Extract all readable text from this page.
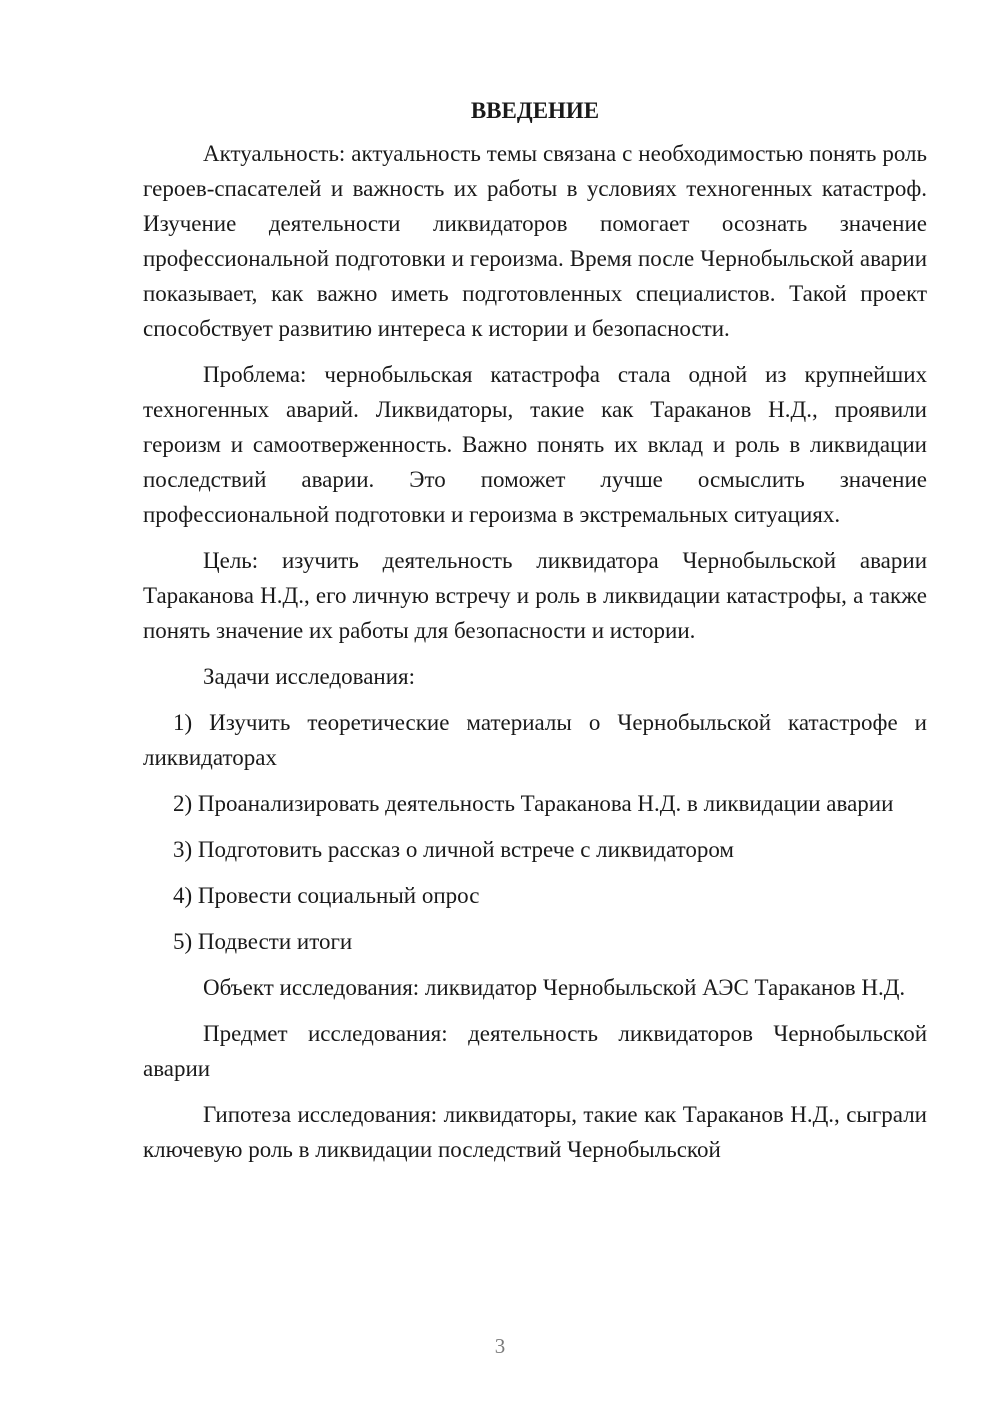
ВВЕДЕНИЕ

Актуальность: актуальность темы связана с необходимостью понять роль героев-спасателей и важность их работы в условиях техногенных катастроф. Изучение деятельности ликвидаторов помогает осознать значение профессиональной подготовки и героизма. Время после Чернобыльской аварии показывает, как важно иметь подготовленных специалистов. Такой проект способствует развитию интереса к истории и безопасности.

Проблема: чернобыльская катастрофа стала одной из крупнейших техногенных аварий. Ликвидаторы, такие как Тараканов Н.Д., проявили героизм и самоотверженность. Важно понять их вклад и роль в ликвидации последствий аварии. Это поможет лучше осмыслить значение профессиональной подготовки и героизма в экстремальных ситуациях.

Цель: изучить деятельность ликвидатора Чернобыльской аварии Тараканова Н.Д., его личную встречу и роль в ликвидации катастрофы, а также понять значение их работы для безопасности и истории.

Задачи исследования:

1) Изучить теоретические материалы о Чернобыльской катастрофе и ликвидаторах

2) Проанализировать деятельность Тараканова Н.Д. в ликвидации аварии

3) Подготовить рассказ о личной встрече с ликвидатором

4) Провести социальный опрос

5) Подвести итоги

Объект исследования: ликвидатор Чернобыльской АЭС Тараканов Н.Д.

Предмет исследования: деятельность ликвидаторов Чернобыльской аварии

Гипотеза исследования: ликвидаторы, такие как Тараканов Н.Д., сыграли ключевую роль в ликвидации последствий Чернобыльской

3
